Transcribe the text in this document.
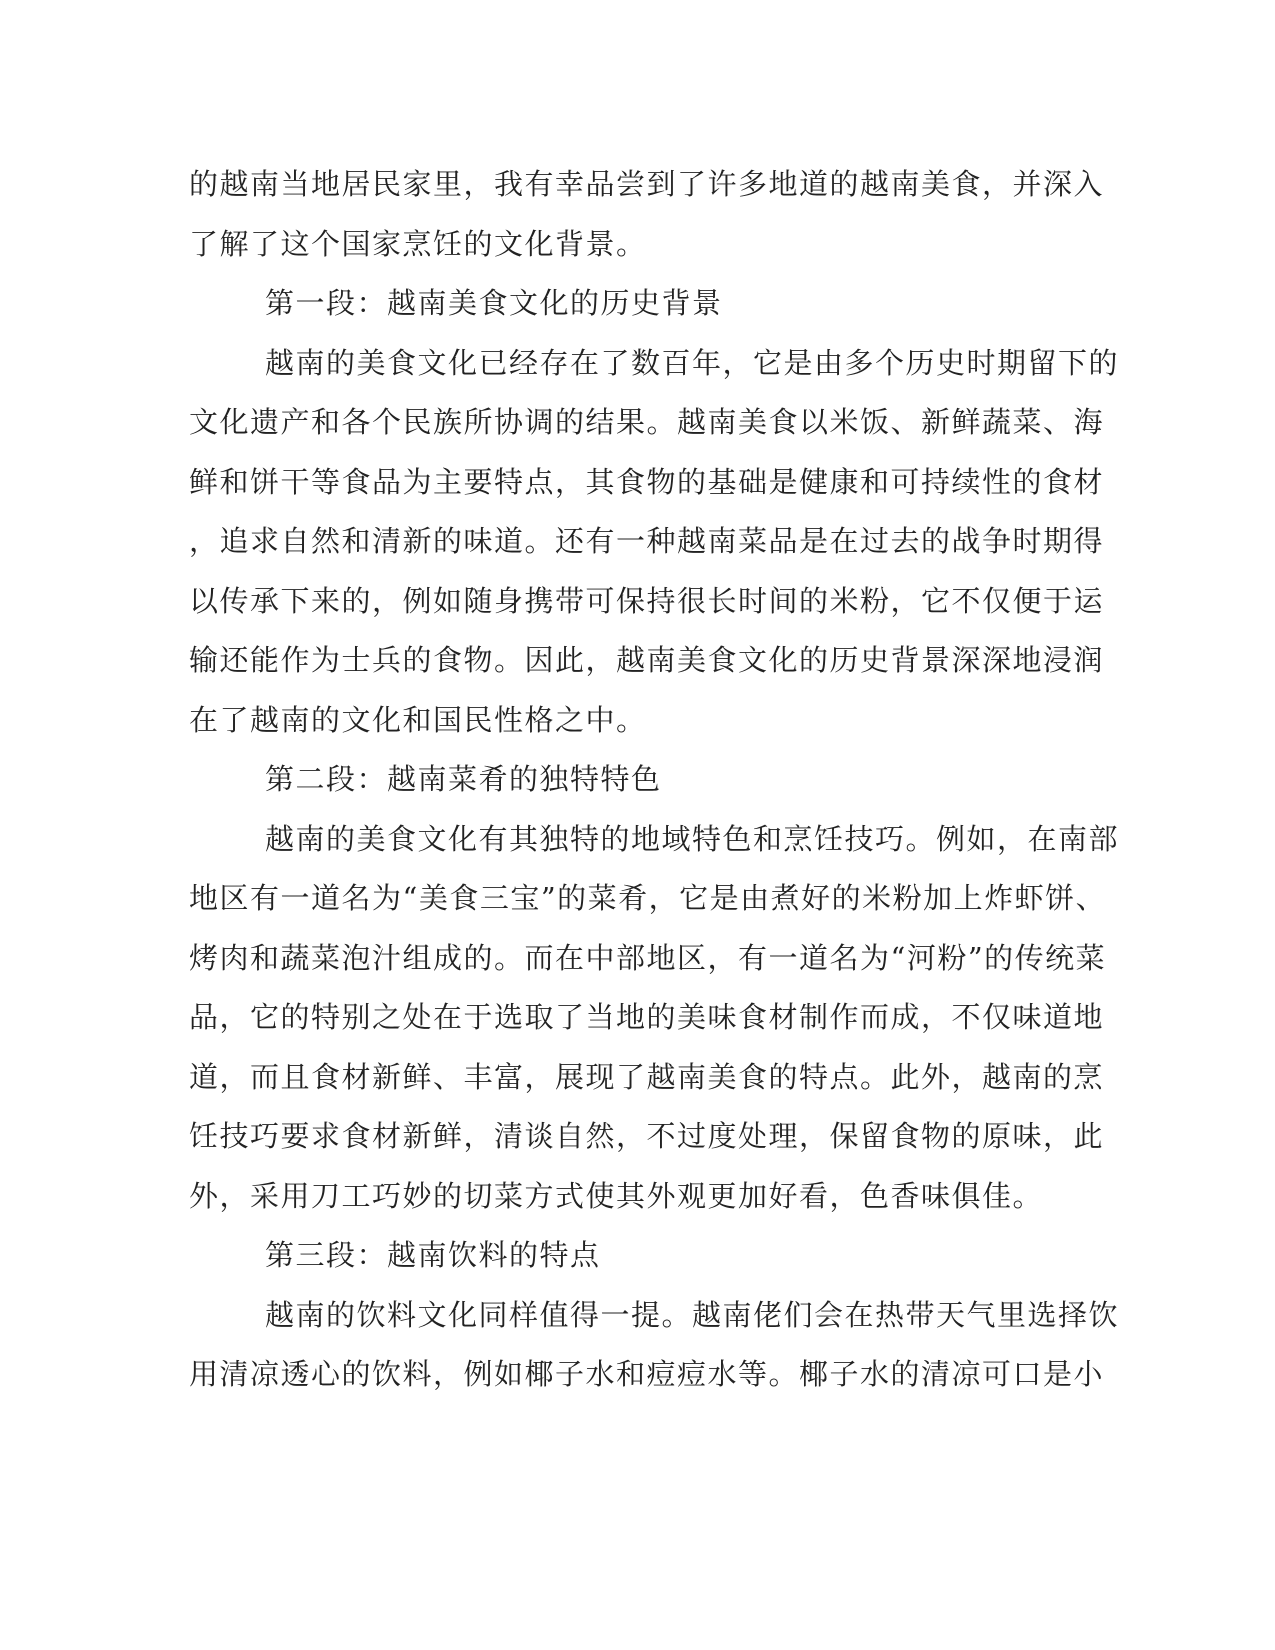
的越南当地居民家里，我有幸品尝到了许多地道的越南美食，并深入
了解了这个国家烹饪的文化背景。
第一段：越南美食文化的历史背景
越南的美食文化已经存在了数百年，它是由多个历史时期留下的
文化遗产和各个民族所协调的结果。越南美食以米饭、新鲜蔬菜、海
鲜和饼干等食品为主要特点，其食物的基础是健康和可持续性的食材
，追求自然和清新的味道。还有一种越南菜品是在过去的战争时期得
以传承下来的，例如随身携带可保持很长时间的米粉，它不仅便于运
输还能作为士兵的食物。因此，越南美食文化的历史背景深深地浸润
在了越南的文化和国民性格之中。
第二段：越南菜肴的独特特色
越南的美食文化有其独特的地域特色和烹饪技巧。例如，在南部
地区有一道名为“美食三宝”的菜肴，它是由煮好的米粉加上炸虾饼、
烤肉和蔬菜泡汁组成的。而在中部地区，有一道名为“河粉”的传统菜
品，它的特别之处在于选取了当地的美味食材制作而成，不仅味道地
道，而且食材新鲜、丰富，展现了越南美食的特点。此外，越南的烹
饪技巧要求食材新鲜，清谈自然，不过度处理，保留食物的原味，此
外，采用刀工巧妙的切菜方式使其外观更加好看，色香味俱佳。
第三段：越南饮料的特点
越南的饮料文化同样值得一提。越南佬们会在热带天气里选择饮
用清凉透心的饮料，例如椰子水和痘痘水等。椰子水的清凉可口是小
